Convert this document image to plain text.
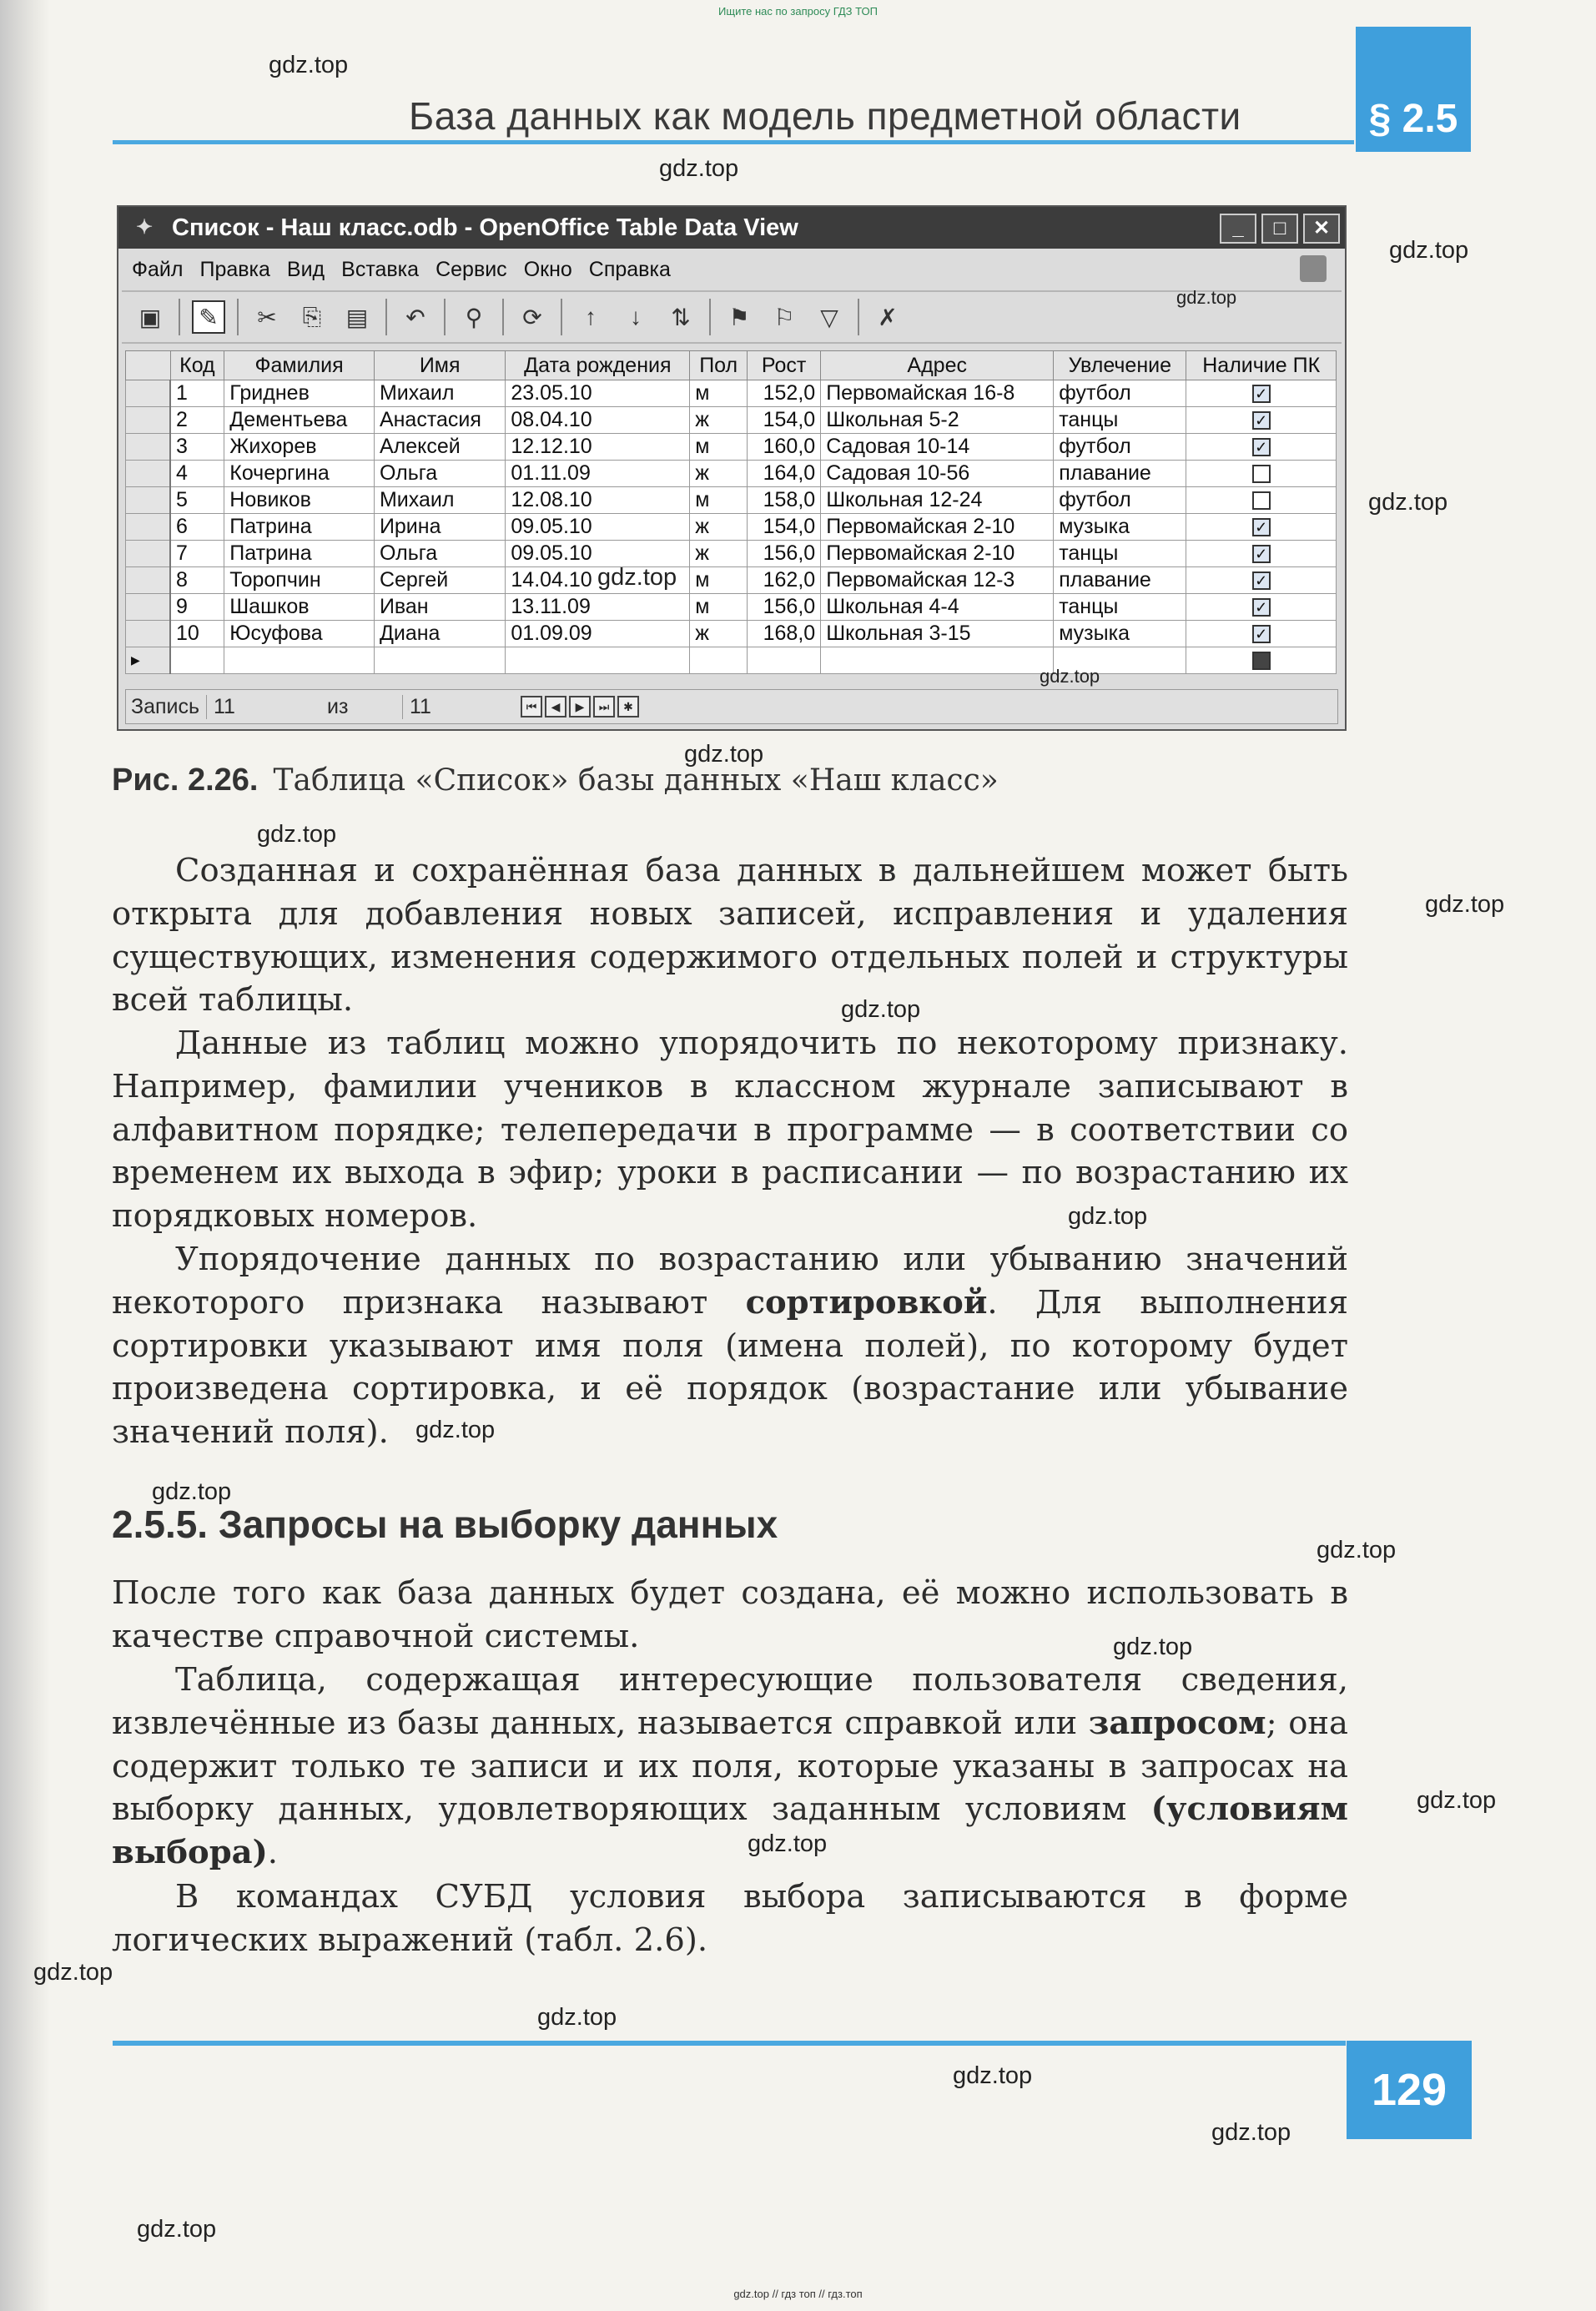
Ищите нас по запросу ГДЗ ТОП
База данных как модель предметной области	§ 2.5
✦ Список - Наш класс.odb - OpenOffice Table Data View	_	□	✕
Файл Правка Вид Вставка Сервис Окно Справка
▣ ✎ ✂	⎘	▤ ↶	⚲	⟳	↑	↓	⇅ ⚑ ⚐	▽	✗
	Код	Фамилия	Имя	Дата рождения	Пол	Рост	Адрес	Увлечение	Наличие ПК
	1	Гриднев	Михаил	23.05.10	м	152,0	Первомайская 16-8	футбол	✓
	2	Дементьева	Анастасия	08.04.10	ж	154,0	Школьная 5-2	танцы	✓
	3	Жихорев	Алексей	12.12.10	м	160,0	Садовая 10-14	футбол	✓
	4	Кочергина	Ольга	01.11.09	ж	164,0	Садовая 10-56	плавание	
	5	Новиков	Михаил	12.08.10	м	158,0	Школьная 12-24	футбол	
	6	Патрина	Ирина	09.05.10	ж	154,0	Первомайская 2-10	музыка	✓
	7	Патрина	Ольга	09.05.10	ж	156,0	Первомайская 2-10	танцы	✓
	8	Торопчин	Сергей	14.04.10	м	162,0	Первомайская 12-3	плавание	✓
	9	Шашков	Иван	13.11.09	м	156,0	Школьная 4-4	танцы	✓
	10	Юсуфова	Диана	01.09.09	ж	168,0	Школьная 3-15	музыка	✓
▶									
Запись 11	из	11	⏮	◀	▶	⏭	✱
Рис. 2.26. Таблица «Список» базы данных «Наш класс»
Созданная и сохранённая база данных в дальнейшем может быть открыта для добавления новых записей, исправления и удаления существующих, изменения содержимого отдельных полей и структуры всей таблицы.
Данные из таблиц можно упорядочить по некоторому признаку. Например, фамилии учеников в классном журнале записывают в алфавитном порядке; телепередачи в программе — в соответствии со временем их выхода в эфир; уроки в расписании — по возрастанию их порядковых номеров.
Упорядочение данных по возрастанию или убыванию значений некоторого признака называют сортировкой. Для выполнения сортировки указывают имя поля (имена полей), по которому будет произведена сортировка, и её порядок (возрастание или убывание значений поля).
2.5.5. Запросы на выборку данных
После того как база данных будет создана, её можно использовать в качестве справочной системы.
Таблица, содержащая интересующие пользователя сведения, извлечённые из базы данных, называется справкой или запросом; она содержит только те записи и их поля, которые указаны в запросах на выборку данных, удовлетворяющих заданным условиям (условиям выбора).
В командах СУБД условия выбора записываются в форме логических выражений (табл. 2.6).
129
gdz.top
gdz.top
gdz.top
gdz.top
gdz.top
gdz.top
gdz.top
gdz.top
gdz.top
gdz.top
gdz.top
gdz.top
gdz.top
gdz.top
gdz.top
gdz.top
gdz.top
gdz.top
gdz.top
gdz.top
gdz.top
gdz.top
gdz.top
gdz.top // гдз топ // гдз.топ
